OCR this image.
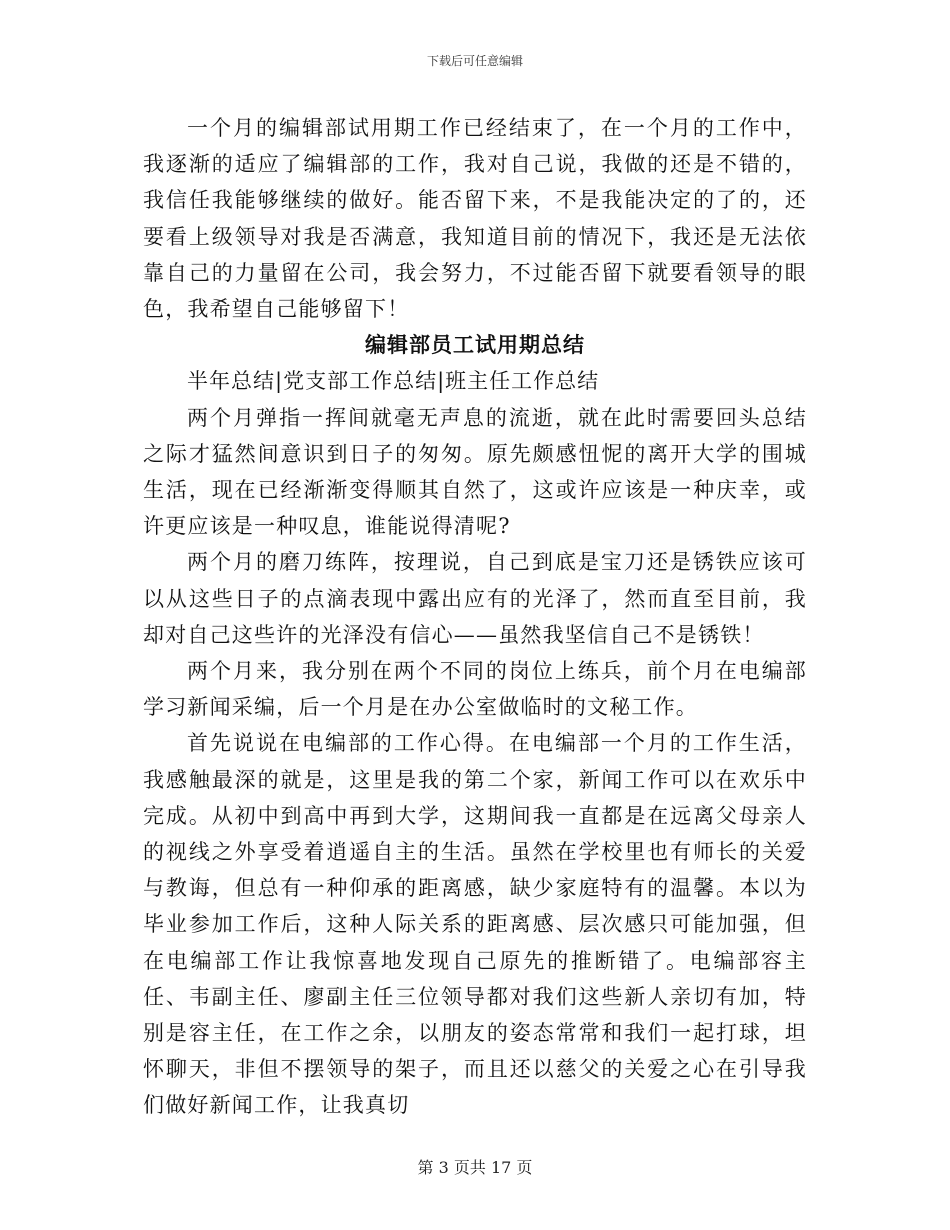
下载后可任意编辑

一个月的编辑部试用期工作已经结束了，在一个月的工作中，我逐渐的适应了编辑部的工作，我对自己说，我做的还是不错的，我信任我能够继续的做好。能否留下来，不是我能决定的了的，还要看上级领导对我是否满意，我知道目前的情况下，我还是无法依靠自己的力量留在公司，我会努力，不过能否留下就要看领导的眼色，我希望自己能够留下！

编辑部员工试用期总结

半年总结|党支部工作总结|班主任工作总结

两个月弹指一挥间就毫无声息的流逝，就在此时需要回头总结之际才猛然间意识到日子的匆匆。原先颇感忸怩的离开大学的围城生活，现在已经渐渐变得顺其自然了，这或许应该是一种庆幸，或许更应该是一种叹息，谁能说得清呢?

两个月的磨刀练阵，按理说，自己到底是宝刀还是锈铁应该可以从这些日子的点滴表现中露出应有的光泽了，然而直至目前，我却对自己这些许的光泽没有信心——虽然我坚信自己不是锈铁！

两个月来，我分别在两个不同的岗位上练兵，前个月在电编部学习新闻采编，后一个月是在办公室做临时的文秘工作。

首先说说在电编部的工作心得。在电编部一个月的工作生活，我感触最深的就是，这里是我的第二个家，新闻工作可以在欢乐中完成。从初中到高中再到大学，这期间我一直都是在远离父母亲人的视线之外享受着逍遥自主的生活。虽然在学校里也有师长的关爱与教诲，但总有一种仰承的距离感，缺少家庭特有的温馨。本以为毕业参加工作后，这种人际关系的距离感、层次感只可能加强，但在电编部工作让我惊喜地发现自己原先的推断错了。电编部容主任、韦副主任、廖副主任三位领导都对我们这些新人亲切有加，特别是容主任，在工作之余，以朋友的姿态常常和我们一起打球，坦怀聊天，非但不摆领导的架子，而且还以慈父的关爱之心在引导我们做好新闻工作，让我真切

第 3 页共 17 页
